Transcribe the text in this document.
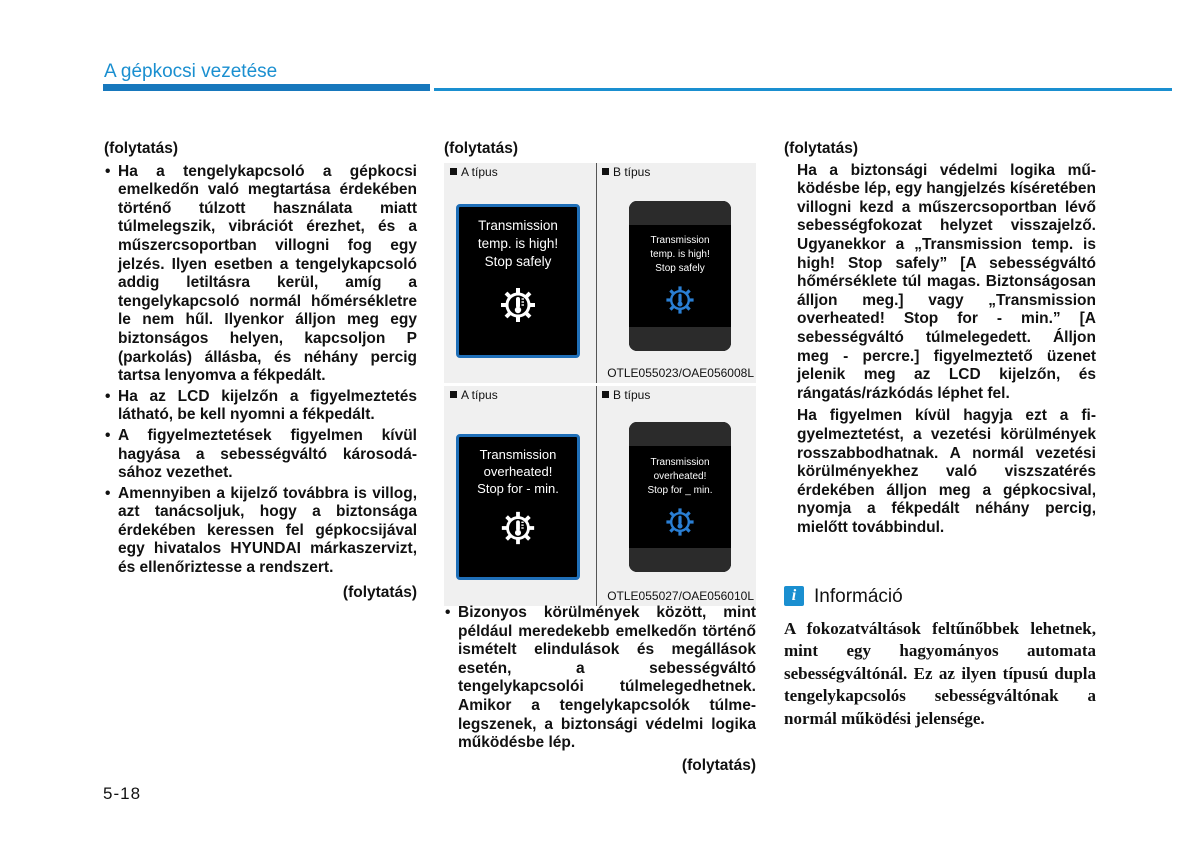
A gépkocsi vezetése

(folytatás)

• Ha a tengelykapcsoló a gépkocsi emelkedőn való megtartása érdekében történő túlzott használata miatt túlmelegszik, vibrációt érezhet, és a műszercsoportban villogni fog egy jelzés. Ilyen esetben a tengelykapcsoló addig letiltásra kerül, amíg a tengelykapcsoló normál hőmérsékletre le nem hűl. Ilyenkor álljon meg egy biztonságos helyen, kapcsoljon P (parkolás) állásba, és néhány percig tartsa lenyomva a fékpedált.

• Ha az LCD kijelzőn a figyelmeztetés látható, be kell nyomni a fékpedált.

• A figyelmeztetések figyelmen kívül hagyása a sebességváltó károsodásához vezethet.

• Amennyiben a kijelző továbbra is villog, azt tanácsoljuk, hogy a biztonsága érdekében keressen fel gépkocsijával egy hivatalos HYUNDAI márkaszervizt, és ellenőriztesse a rendszert.

(folytatás)

(folytatás)

A típus	B típus
Transmission
temp. is high!
Stop safely
Transmission
temp. is high!
Stop safely
OTLE055023/OAE056008L
A típus	B típus
Transmission
overheated!
Stop for - min.
Transmission
overheated!
Stop for _ min.
OTLE055027/OAE056010L

• Bizonyos körülmények között, mint például meredekebb emelkedőn történő ismételt elindulások és megállások esetén, a sebességváltó tengelykapcsolói túlmelegedhetnek. Amikor a tengelykapcsolók túlmelegszenek, a biztonsági védelmi logika működésbe lép.

(folytatás)

(folytatás)

Ha a biztonsági védelmi logika működésbe lép, egy hangjelzés kíséretében villogni kezd a műszercsoportban lévő sebességfokozat helyzet visszajelző. Ugyanekkor a „Transmission temp. is high! Stop safely” [A sebességváltó hőmérséklete túl magas. Biztonságosan álljon meg.] vagy „Transmission overheated! Stop for - min.” [A sebességváltó túlmelegedett. Álljon meg - percre.] figyelmeztető üzenet jelenik meg az LCD kijelzőn, és rángatás/rázkódás léphet fel.

Ha figyelmen kívül hagyja ezt a figyelmeztetést, a vezetési körülmények rosszabbodhatnak. A normál vezetési körülményekhez való viszszatérés érdekében álljon meg a gépkocsival, nyomja a fékpedált néhány percig, mielőtt továbbindul.

i Információ

A fokozatváltások feltűnőbbek lehetnek, mint egy hagyományos automata sebességváltónál. Ez az ilyen típusú dupla tengelykapcsolós sebességváltónak a normál működési jelensége.

5-18
